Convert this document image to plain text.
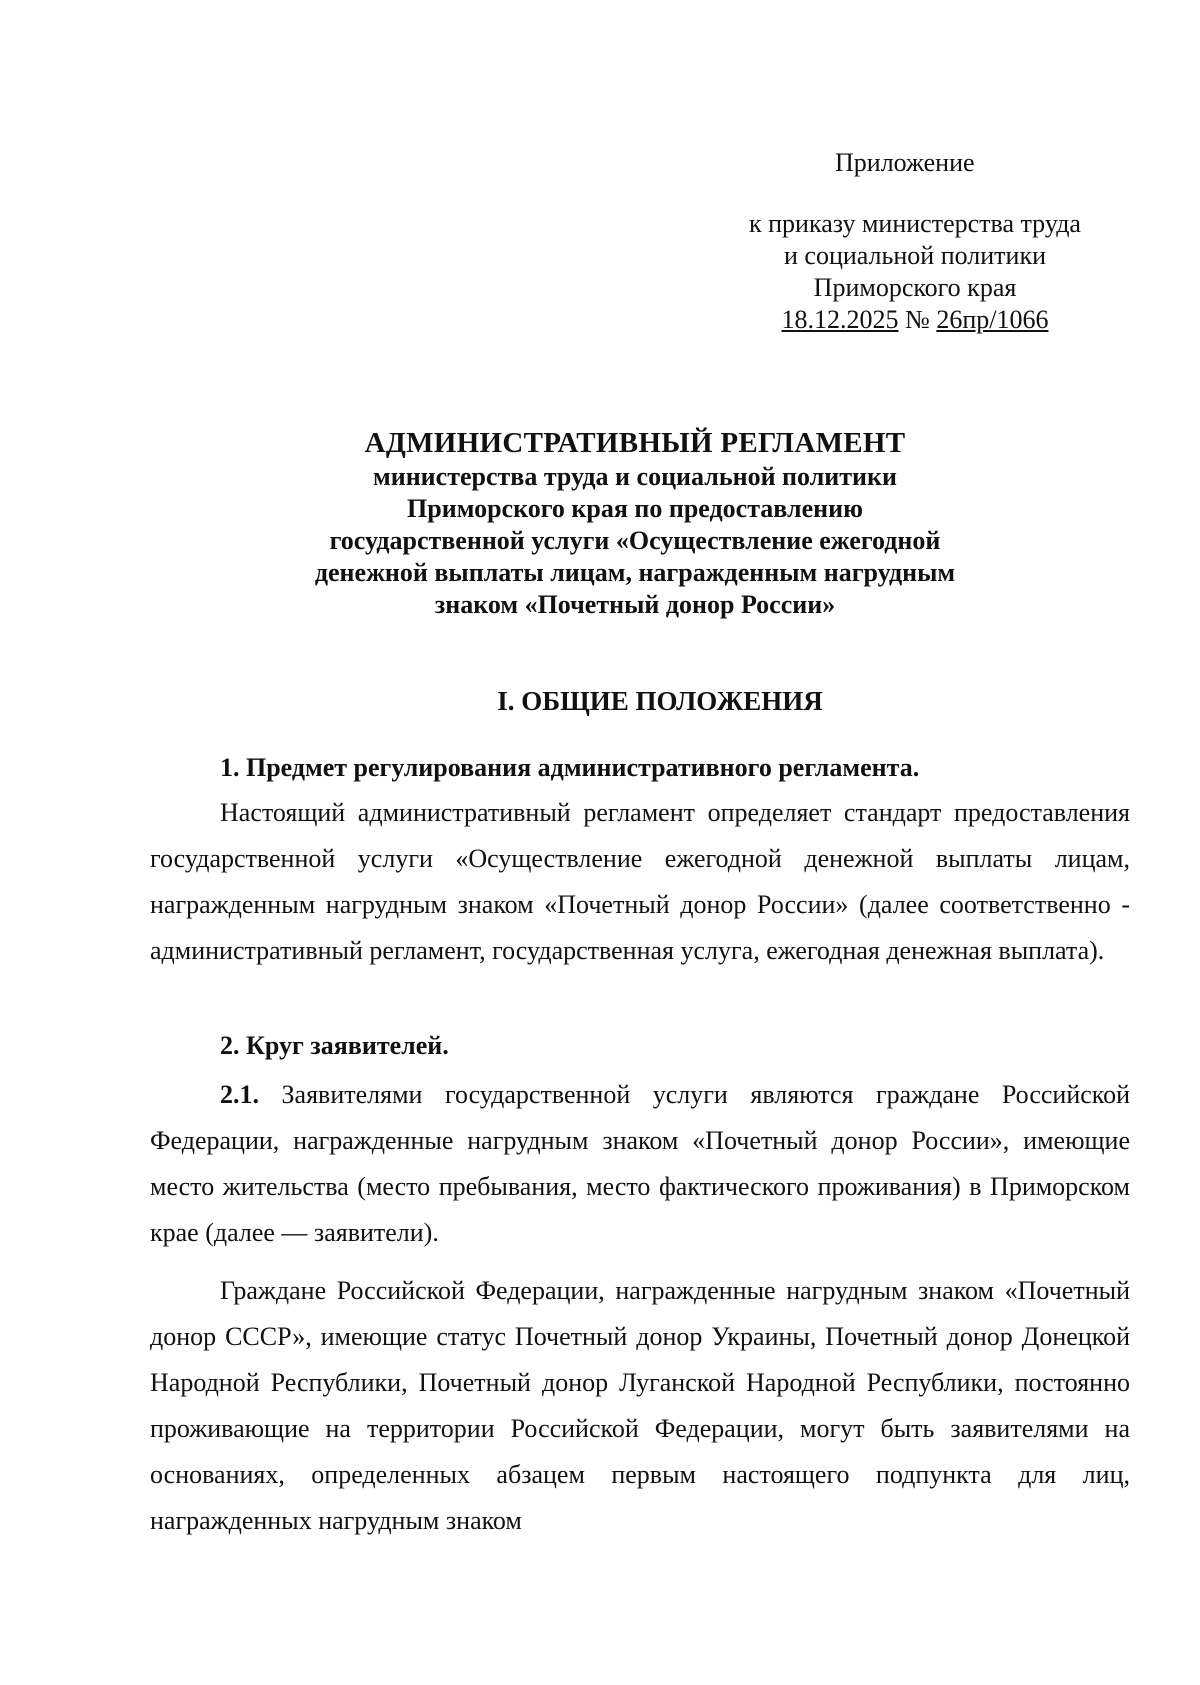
Приложение
к приказу министерства труда
и социальной политики
Приморского края
18.12.2025 № 26пр/1066
АДМИНИСТРАТИВНЫЙ РЕГЛАМЕНТ
министерства труда и социальной политики
Приморского края по предоставлению
государственной услуги «Осуществление ежегодной
денежной выплаты лицам, награжденным нагрудным
знаком «Почетный донор России»
I. ОБЩИЕ ПОЛОЖЕНИЯ
1. Предмет регулирования административного регламента.

Настоящий административный регламент определяет стандарт предоставления государственной услуги «Осуществление ежегодной денежной выплаты лицам, награжденным нагрудным знаком «Почетный донор России» (далее соответственно - административный регламент, государственная услуга, ежегодная денежная выплата).

2. Круг заявителей.

2.1. Заявителями государственной услуги являются граждане Российской Федерации, награжденные нагрудным знаком «Почетный донор России», имеющие место жительства (место пребывания, место фактического проживания) в Приморском крае (далее — заявители).

Граждане Российской Федерации, награжденные нагрудным знаком «Почетный донор СССР», имеющие статус Почетный донор Украины, Почетный донор Донецкой Народной Республики, Почетный донор Луганской Народной Республики, постоянно проживающие на территории Российской Федерации, могут быть заявителями на основаниях, определенных абзацем первым настоящего подпункта для лиц, награжденных нагрудным знаком
